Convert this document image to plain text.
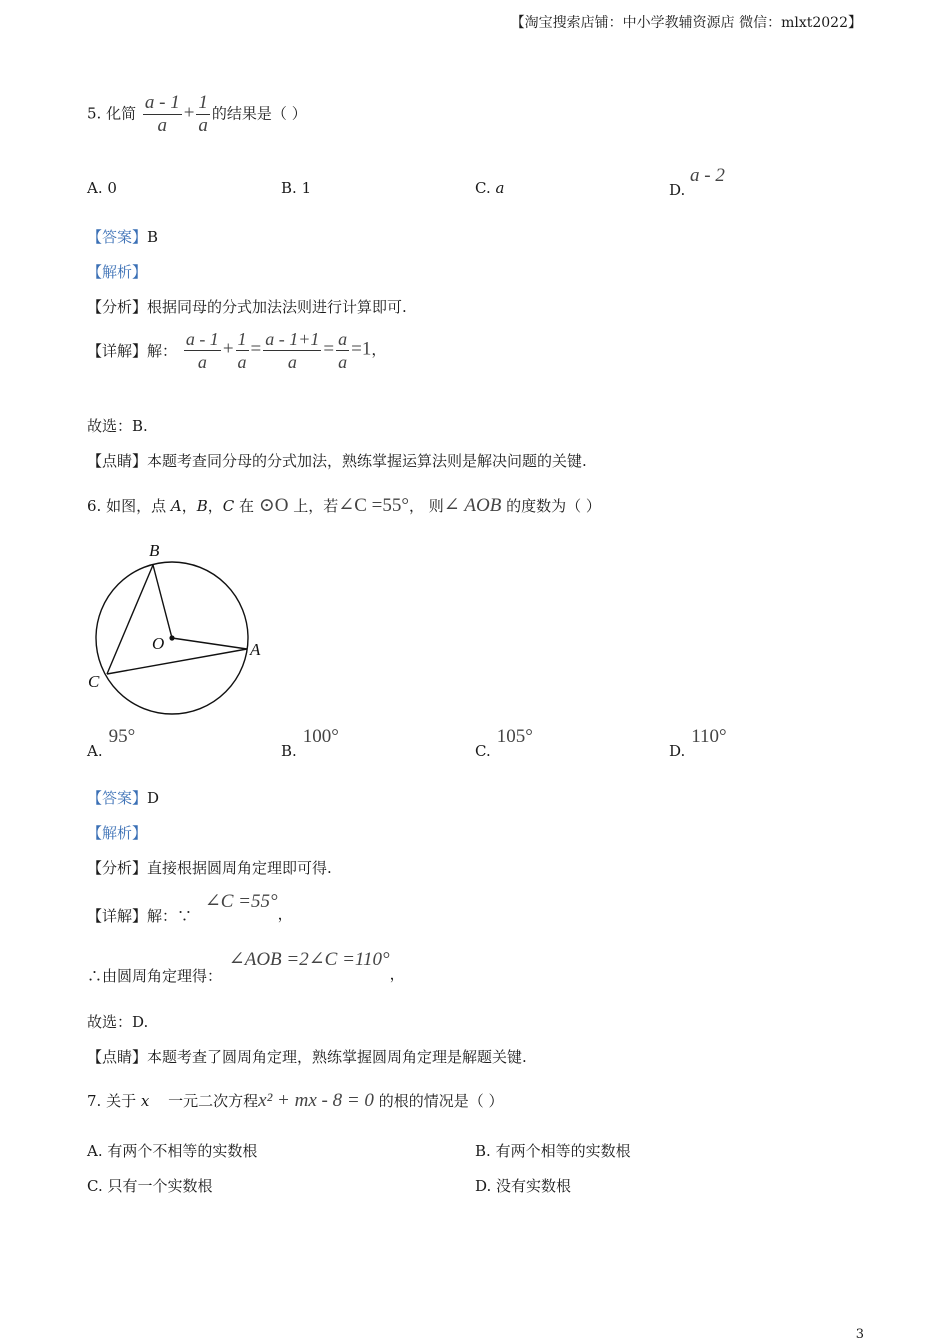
【淘宝搜索店铺：中小学教辅资源店 微信：mlxt2022】
5. 化简 $\frac{a - 1}{a} + \frac{1}{a}$ 的结果是（ ）
A. 0	B. 1	C. a	D. a - 2
【答案】B
【解析】
【分析】根据同母的分式加法法则进行计算即可.
【详解】解： $\frac{a - 1}{a} + \frac{1}{a} = \frac{a - 1+1}{a} = \frac{a}{a} =1$，
故选：B.
【点睛】本题考查同分母的分式加法，熟练掌握运算法则是解决问题的关键.
6. 如图，点 A，B，C 在 ⊙O 上，若∠C =55°， 则∠ AOB 的度数为（ ）
B
O	A
C
A.95°
B.100°
C.105°
D.110°
【答案】D
【解析】
【分析】直接根据圆周角定理即可得.
【详解】解：∵ ∠C =55°，
∴由圆周角定理得： ∠AOB =2∠C =110°，
故选：D.
【点睛】本题考查了圆周角定理，熟练掌握圆周角定理是解题关键.
7. 关于 x 一元二次方程x² + mx - 8 = 0 的根的情况是（ ）
A. 有两个不相等的实数根	B. 有两个相等的实数根
C. 只有一个实数根	D. 没有实数根
3
